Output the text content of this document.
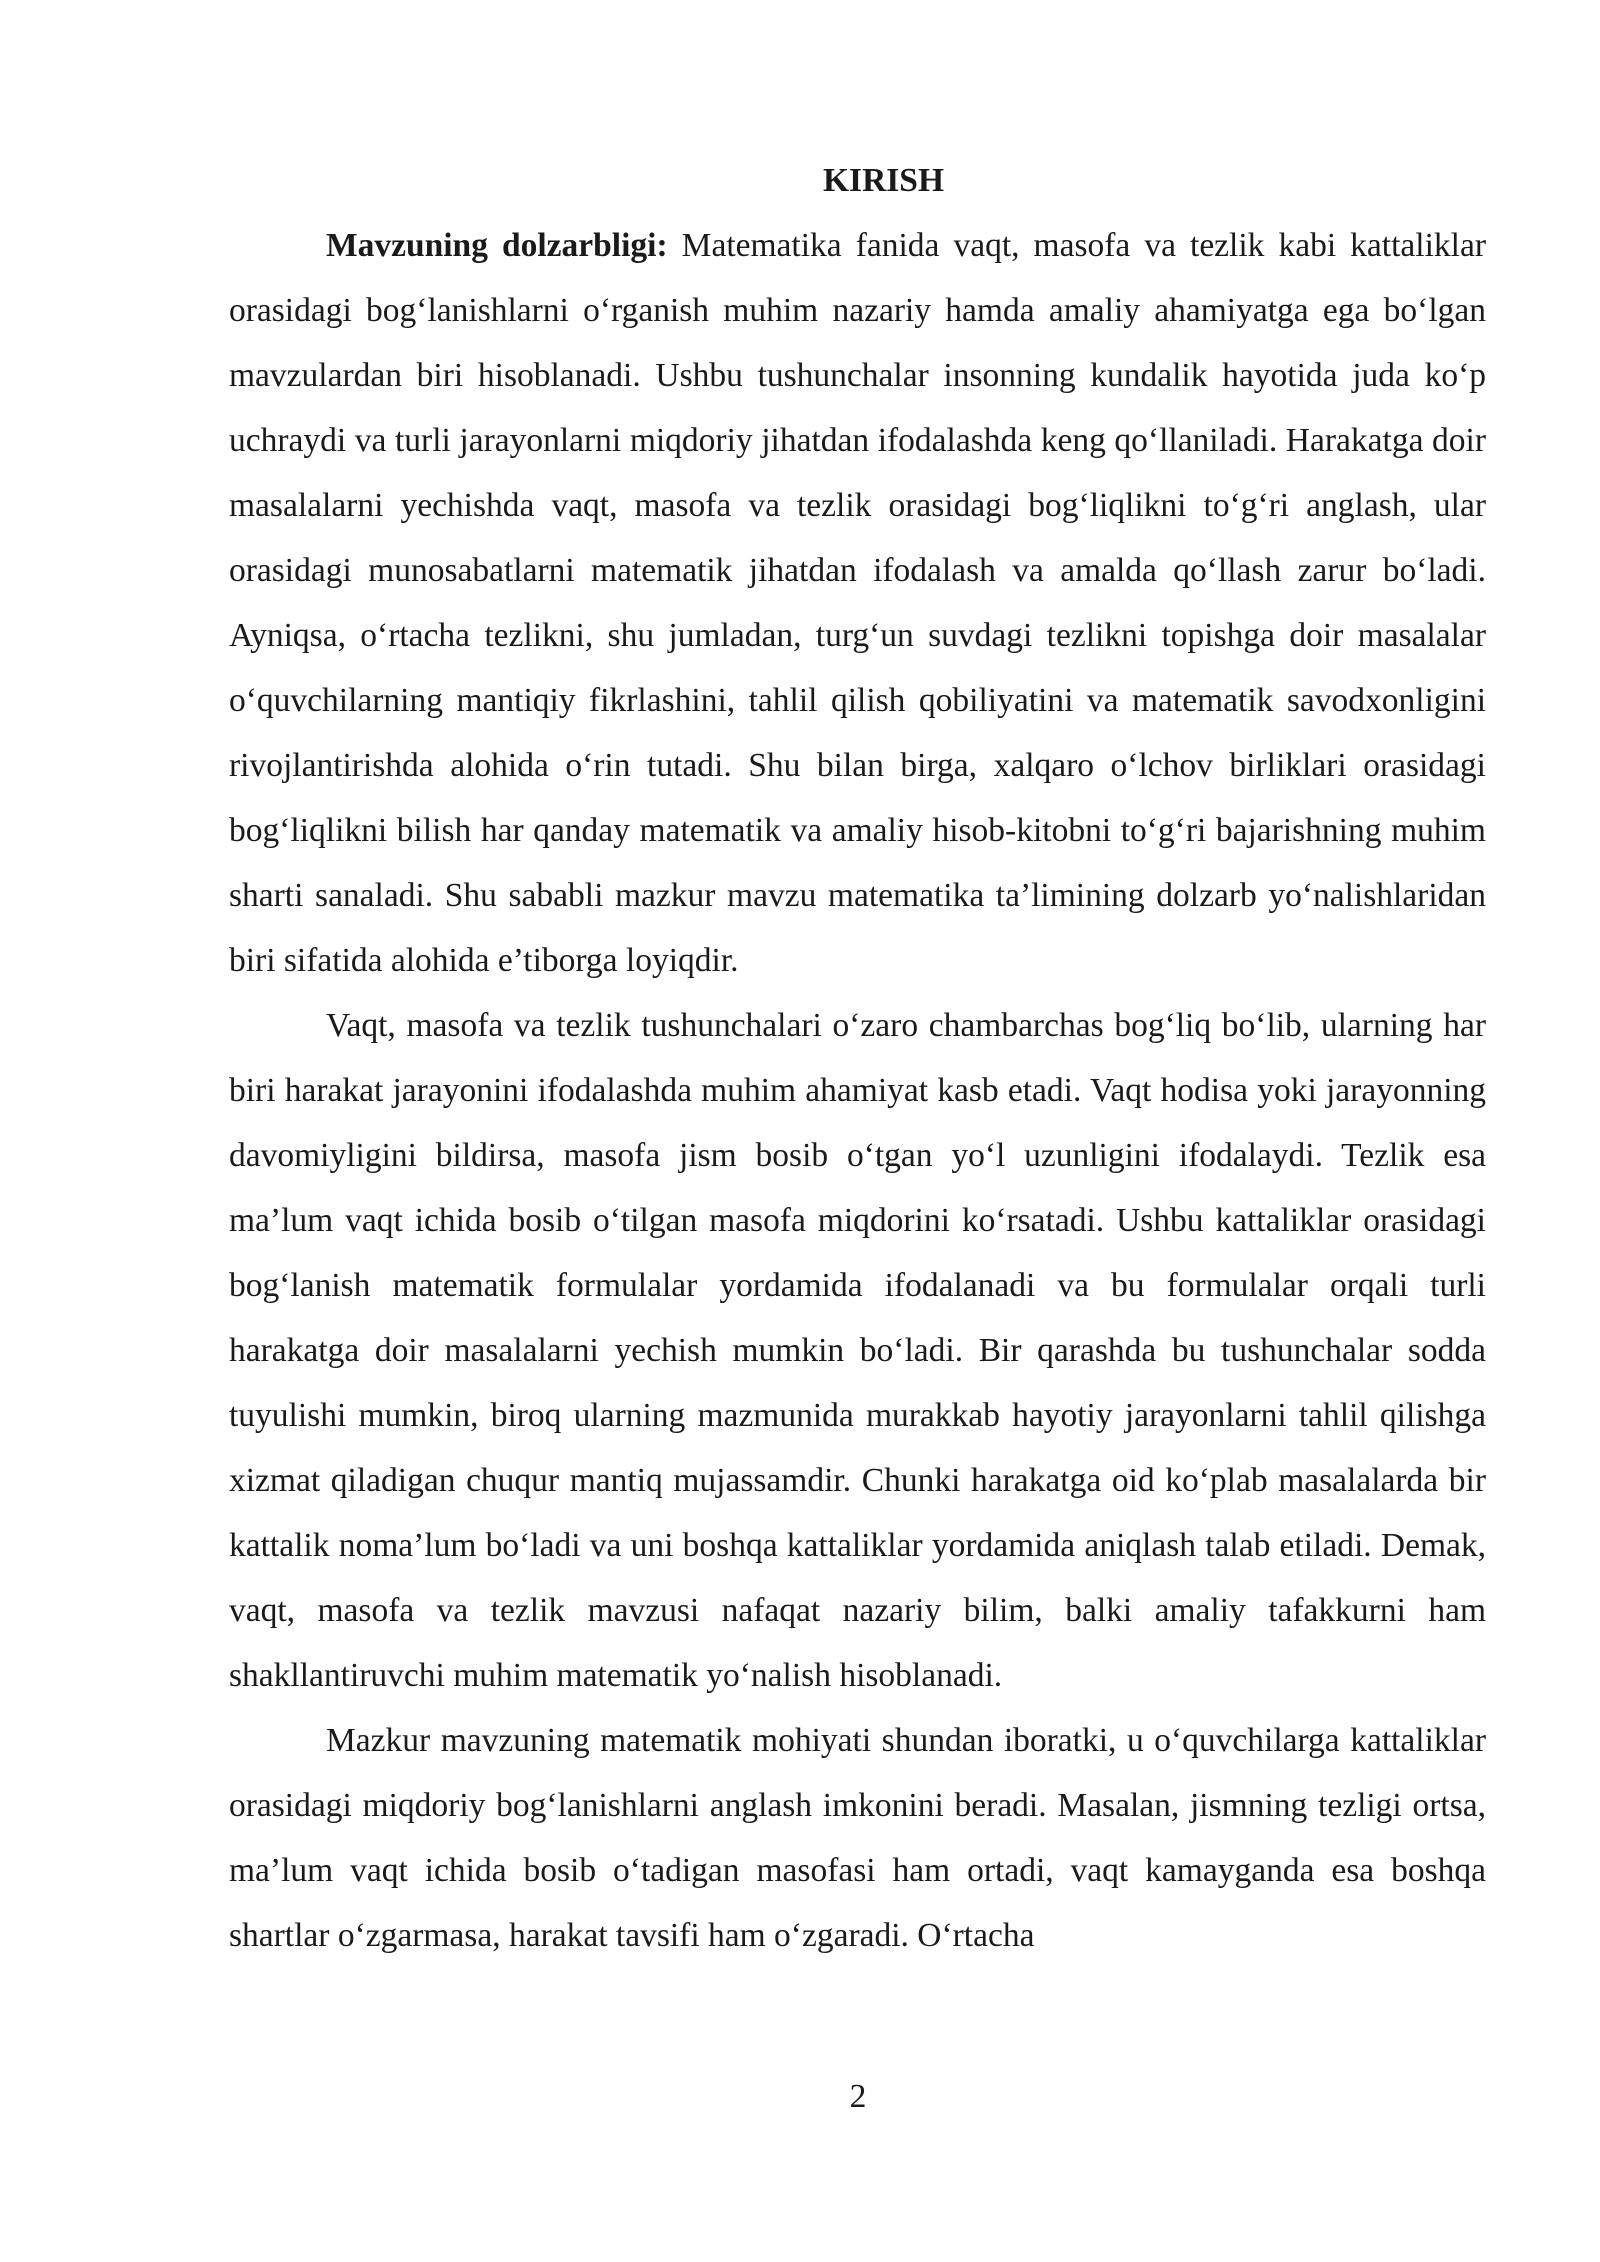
KIRISH

Mavzuning dolzarbligi: Matematika fanida vaqt, masofa va tezlik kabi kattaliklar orasidagi bog‘lanishlarni o‘rganish muhim nazariy hamda amaliy ahamiyatga ega bo‘lgan mavzulardan biri hisoblanadi. Ushbu tushunchalar insonning kundalik hayotida juda ko‘p uchraydi va turli jarayonlarni miqdoriy jihatdan ifodalashda keng qo‘llaniladi. Harakatga doir masalalarni yechishda vaqt, masofa va tezlik orasidagi bog‘liqlikni to‘g‘ri anglash, ular orasidagi munosabatlarni matematik jihatdan ifodalash va amalda qo‘llash zarur bo‘ladi. Ayniqsa, o‘rtacha tezlikni, shu jumladan, turg‘un suvdagi tezlikni topishga doir masalalar o‘quvchilarning mantiqiy fikrlashini, tahlil qilish qobiliyatini va matematik savodxonligini rivojlantirishda alohida o‘rin tutadi. Shu bilan birga, xalqaro o‘lchov birliklari orasidagi bog‘liqlikni bilish har qanday matematik va amaliy hisob-kitobni to‘g‘ri bajarishning muhim sharti sanaladi. Shu sababli mazkur mavzu matematika ta’limining dolzarb yo‘nalishlaridan biri sifatida alohida e’tiborga loyiqdir.

Vaqt, masofa va tezlik tushunchalari o‘zaro chambarchas bog‘liq bo‘lib, ularning har biri harakat jarayonini ifodalashda muhim ahamiyat kasb etadi. Vaqt hodisa yoki jarayonning davomiyligini bildirsa, masofa jism bosib o‘tgan yo‘l uzunligini ifodalaydi. Tezlik esa ma’lum vaqt ichida bosib o‘tilgan masofa miqdorini ko‘rsatadi. Ushbu kattaliklar orasidagi bog‘lanish matematik formulalar yordamida ifodalanadi va bu formulalar orqali turli harakatga doir masalalarni yechish mumkin bo‘ladi. Bir qarashda bu tushunchalar sodda tuyulishi mumkin, biroq ularning mazmunida murakkab hayotiy jarayonlarni tahlil qilishga xizmat qiladigan chuqur mantiq mujassamdir. Chunki harakatga oid ko‘plab masalalarda bir kattalik noma’lum bo‘ladi va uni boshqa kattaliklar yordamida aniqlash talab etiladi. Demak, vaqt, masofa va tezlik mavzusi nafaqat nazariy bilim, balki amaliy tafakkurni ham shakllantiruvchi muhim matematik yo‘nalish hisoblanadi.

Mazkur mavzuning matematik mohiyati shundan iboratki, u o‘quvchilarga kattaliklar orasidagi miqdoriy bog‘lanishlarni anglash imkonini beradi. Masalan, jismning tezligi ortsa, ma’lum vaqt ichida bosib o‘tadigan masofasi ham ortadi, vaqt kamayganda esa boshqa shartlar o‘zgarmasa, harakat tavsifi ham o‘zgaradi. O‘rtacha

2
